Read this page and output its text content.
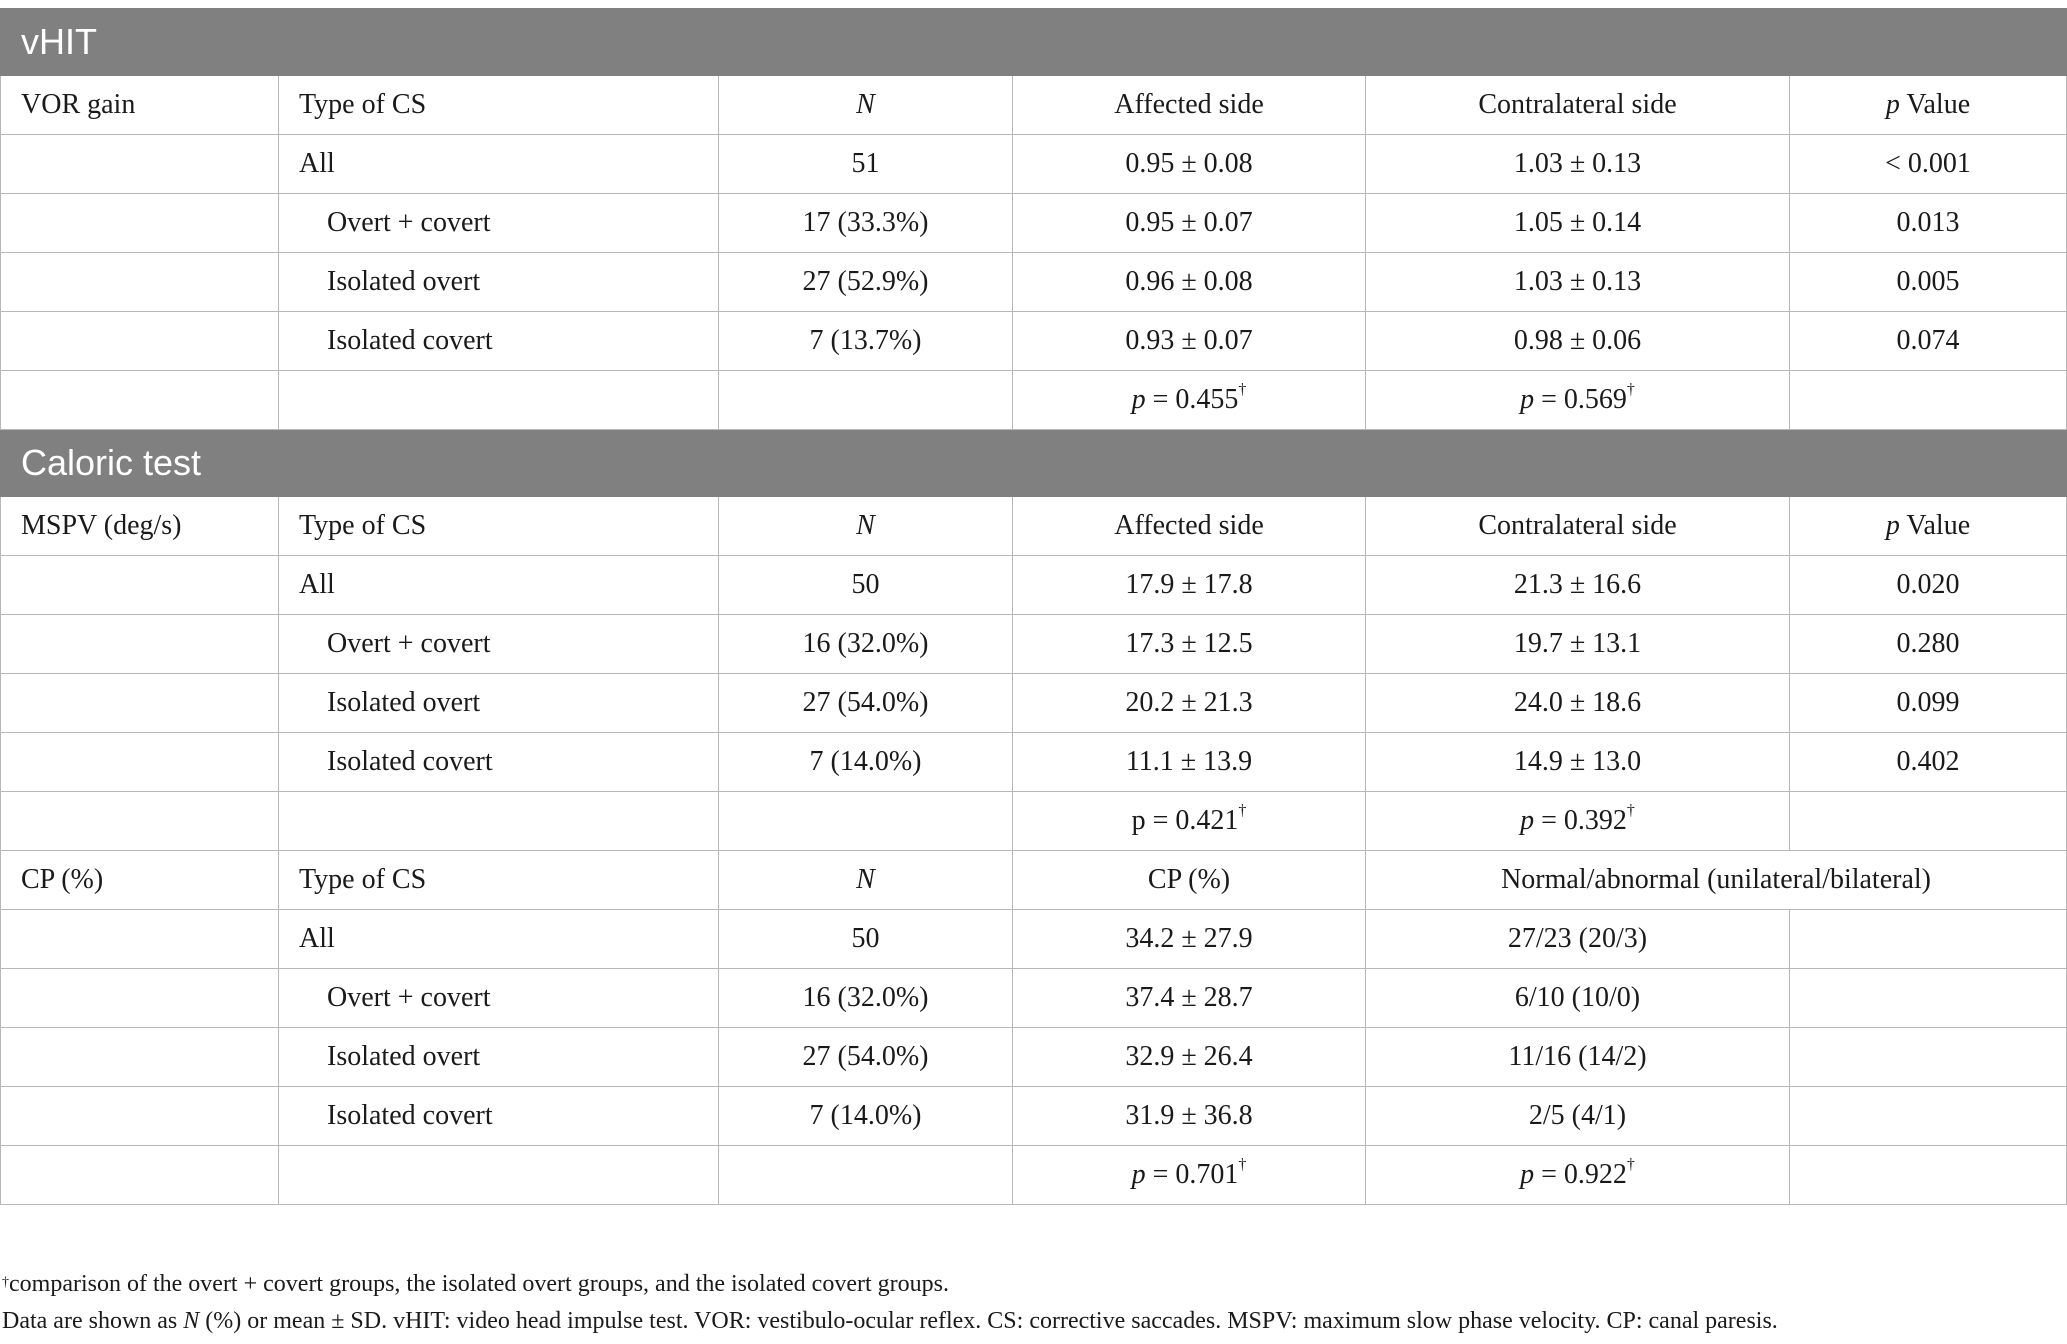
vHIT					
VOR gain	Type of CS	N	Affected side	Contralateral side	p Value
	All	51	0.95 ± 0.08	1.03 ± 0.13	< 0.001
	Overt + covert	17 (33.3%)	0.95 ± 0.07	1.05 ± 0.14	0.013
	Isolated overt	27 (52.9%)	0.96 ± 0.08	1.03 ± 0.13	0.005
	Isolated covert	7 (13.7%)	0.93 ± 0.07	0.98 ± 0.06	0.074
			p = 0.455†	p = 0.569†	
Caloric test					
MSPV (deg/s)	Type of CS	N	Affected side	Contralateral side	p Value
	All	50	17.9 ± 17.8	21.3 ± 16.6	0.020
	Overt + covert	16 (32.0%)	17.3 ± 12.5	19.7 ± 13.1	0.280
	Isolated overt	27 (54.0%)	20.2 ± 21.3	24.0 ± 18.6	0.099
	Isolated covert	7 (14.0%)	11.1 ± 13.9	14.9 ± 13.0	0.402
			p = 0.421†	p = 0.392†	
CP (%)	Type of CS	N	CP (%)	Normal/abnormal (unilateral/bilateral)	
	All	50	34.2 ± 27.9	27/23 (20/3)	
	Overt + covert	16 (32.0%)	37.4 ± 28.7	6/10 (10/0)	
	Isolated overt	27 (54.0%)	32.9 ± 26.4	11/16 (14/2)	
	Isolated covert	7 (14.0%)	31.9 ± 36.8	2/5 (4/1)	
			p = 0.701†	p = 0.922†	

†comparison of the overt + covert groups, the isolated overt groups, and the isolated covert groups.

Data are shown as N (%) or mean ± SD. vHIT: video head impulse test. VOR: vestibulo-ocular reflex. CS: corrective saccades. MSPV: maximum slow phase velocity. CP: canal paresis.
